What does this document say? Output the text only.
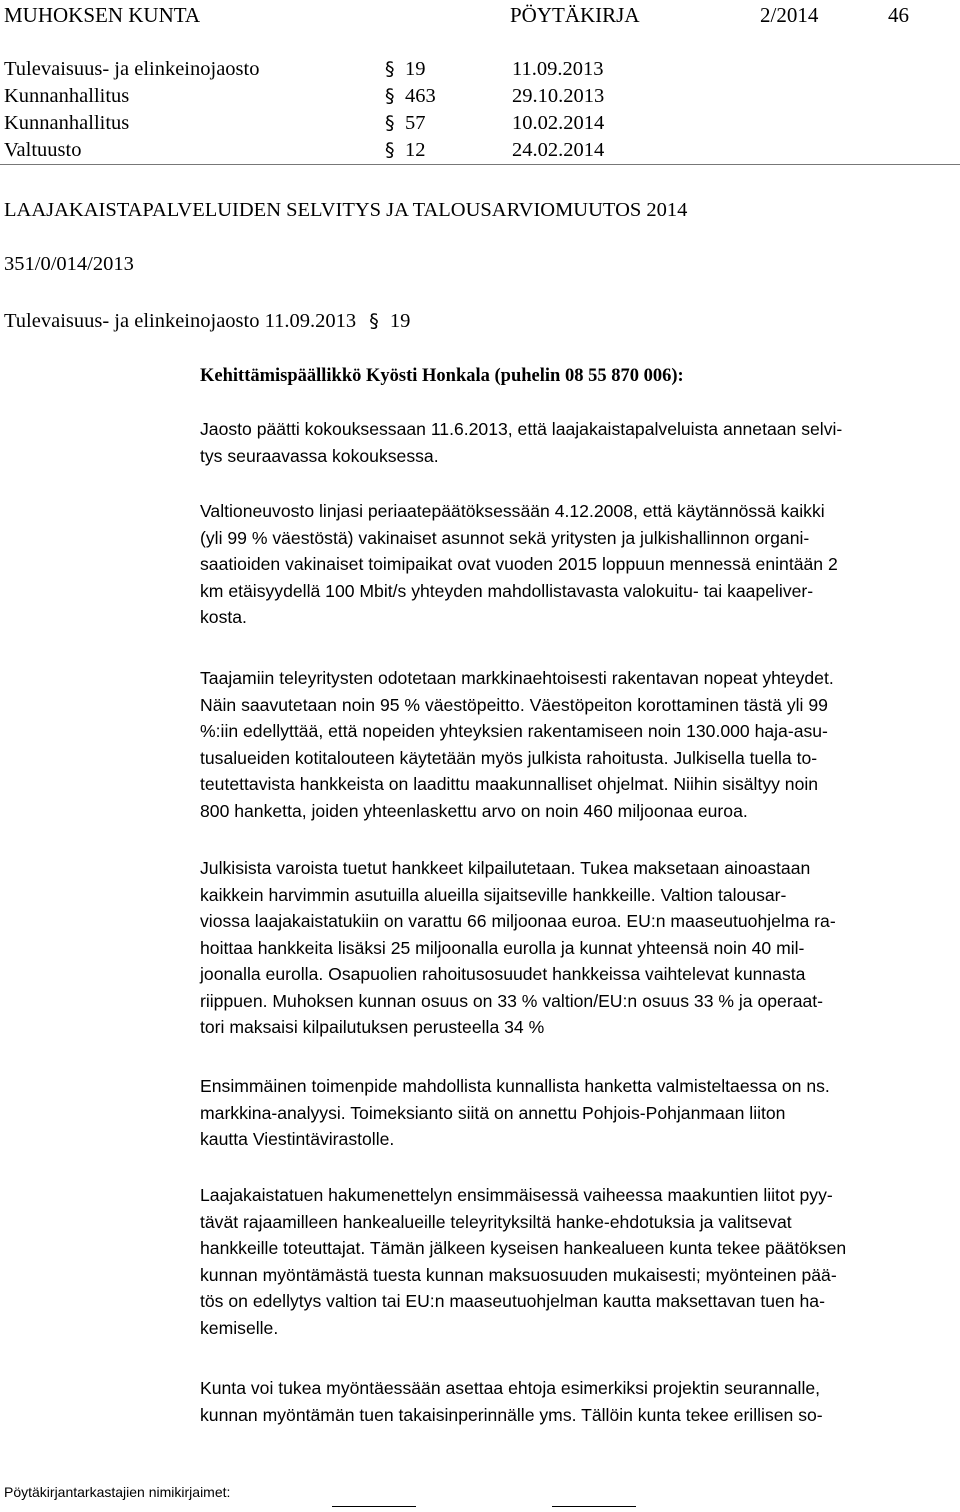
MUHOKSEN KUNTA	PÖYTÄKIRJA	2/2014	46
Tulevaisuus- ja elinkeinojaosto	§ 19	11.09.2013
Kunnanhallitus	§ 463	29.10.2013
Kunnanhallitus	§ 57	10.02.2014
Valtuusto	§ 12	24.02.2014
LAAJAKAISTAPALVELUIDEN SELVITYS JA TALOUSARVIOMUUTOS 2014
351/0/014/2013
Tulevaisuus- ja elinkeinojaosto 11.09.2013 § 19
Kehittämispäällikkö Kyösti Honkala (puhelin 08 55 870 006):
Jaosto päätti kokouksessaan 11.6.2013, että laajakaistapalveluista annetaan selvi-
tys seuraavassa kokouksessa.
Valtioneuvosto linjasi periaatepäätöksessään 4.12.2008, että käytännössä kaikki
(yli 99 % väestöstä) vakinaiset asunnot sekä yritysten ja julkishallinnon organi-
saatioiden vakinaiset toimipaikat ovat vuoden 2015 loppuun mennessä enintään 2
km etäisyydellä 100 Mbit/s yhteyden mahdollistavasta valokuitu- tai kaapeliver-
kosta.
Taajamiin teleyritysten odotetaan markkinaehtoisesti rakentavan nopeat yhteydet.
Näin saavutetaan noin 95 % väestöpeitto. Väestöpeiton korottaminen tästä yli 99
%:iin edellyttää, että nopeiden yhteyksien rakentamiseen noin 130.000 haja-asu-
tusalueiden kotitalouteen käytetään myös julkista rahoitusta. Julkisella tuella to-
teutettavista hankkeista on laadittu maakunnalliset ohjelmat. Niihin sisältyy noin
800 hanketta, joiden yhteenlaskettu arvo on noin 460 miljoonaa euroa.
Julkisista varoista tuetut hankkeet kilpailutetaan. Tukea maksetaan ainoastaan
kaikkein harvimmin asutuilla alueilla sijaitseville hankkeille. Valtion talousar-
viossa laajakaistatukiin on varattu 66 miljoonaa euroa. EU:n maaseutuohjelma ra-
hoittaa hankkeita lisäksi 25 miljoonalla eurolla ja kunnat yhteensä noin 40 mil-
joonalla eurolla. Osapuolien rahoitusosuudet hankkeissa vaihtelevat kunnasta
riippuen. Muhoksen kunnan osuus on 33 % valtion/EU:n osuus 33 % ja operaat-
tori maksaisi kilpailutuksen perusteella 34 %
Ensimmäinen toimenpide mahdollista kunnallista hanketta valmisteltaessa on ns.
markkina-analyysi. Toimeksianto siitä on annettu Pohjois-Pohjanmaan liiton
kautta Viestintävirastolle.
Laajakaistatuen hakumenettelyn ensimmäisessä vaiheessa maakuntien liitot pyy-
tävät rajaamilleen hankealueille teleyrityksiltä hanke-ehdotuksia ja valitsevat
hankkeille toteuttajat. Tämän jälkeen kyseisen hankealueen kunta tekee päätöksen
kunnan myöntämästä tuesta kunnan maksuosuuden mukaisesti; myönteinen pää-
tös on edellytys valtion tai EU:n maaseutuohjelman kautta maksettavan tuen ha-
kemiselle.
Kunta voi tukea myöntäessään asettaa ehtoja esimerkiksi projektin seurannalle,
kunnan myöntämän tuen takaisinperinnälle yms. Tällöin kunta tekee erillisen so-
Pöytäkirjantarkastajien nimikirjaimet:
